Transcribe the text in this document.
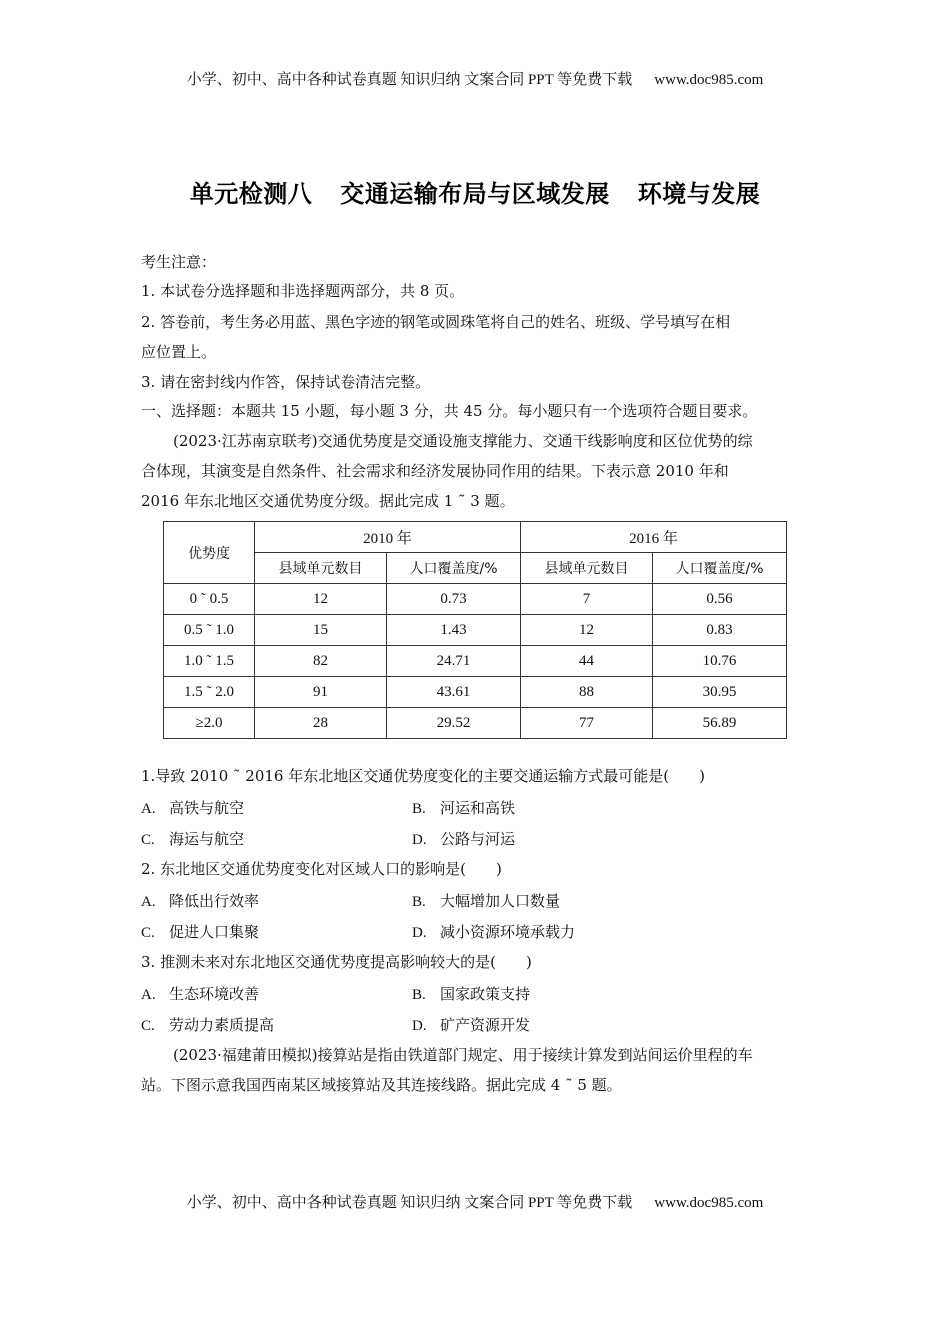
小学、初中、高中各种试卷真题 知识归纳 文案合同 PPT 等免费下载 www.doc985.com
单元检测八 交通运输布局与区域发展 环境与发展
考生注意：
1. 本试卷分选择题和非选择题两部分，共 8 页。
2. 答卷前，考生务必用蓝、黑色字迹的钢笔或圆珠笔将自己的姓名、班级、学号填写在相
应位置上。
3. 请在密封线内作答，保持试卷清洁完整。
一、选择题：本题共 15 小题，每小题 3 分，共 45 分。每小题只有一个选项符合题目要求。
(2023·江苏南京联考)交通优势度是交通设施支撑能力、交通干线影响度和区位优势的综
合体现，其演变是自然条件、社会需求和经济发展协同作用的结果。下表示意 2010 年和
2016 年东北地区交通优势度分级。据此完成 1 ˜ 3 题。
优势度	2010 年		2016 年	
	县域单元数目	人口覆盖度/%	县域单元数目	人口覆盖度/%
0 ˜ 0.5	12	0.73	7	0.56
0.5 ˜ 1.0	15	1.43	12	0.83
1.0 ˜ 1.5	82	24.71	44	10.76
1.5 ˜ 2.0	91	43.61	88	30.95
≥2.0	28	29.52	77	56.89
1.导致 2010 ˜ 2016 年东北地区交通优势度变化的主要交通运输方式最可能是( )
A. 高铁与航空	B. 河运和高铁
C. 海运与航空	D. 公路与河运
2. 东北地区交通优势度变化对区域人口的影响是( )
A. 降低出行效率	B. 大幅增加人口数量
C. 促进人口集聚	D. 减小资源环境承载力
3. 推测未来对东北地区交通优势度提高影响较大的是( )
A. 生态环境改善	B. 国家政策支持
C. 劳动力素质提高	D. 矿产资源开发
(2023·福建莆田模拟)接算站是指由铁道部门规定、用于接续计算发到站间运价里程的车
站。下图示意我国西南某区域接算站及其连接线路。据此完成 4 ˜ 5 题。
小学、初中、高中各种试卷真题 知识归纳 文案合同 PPT 等免费下载 www.doc985.com
